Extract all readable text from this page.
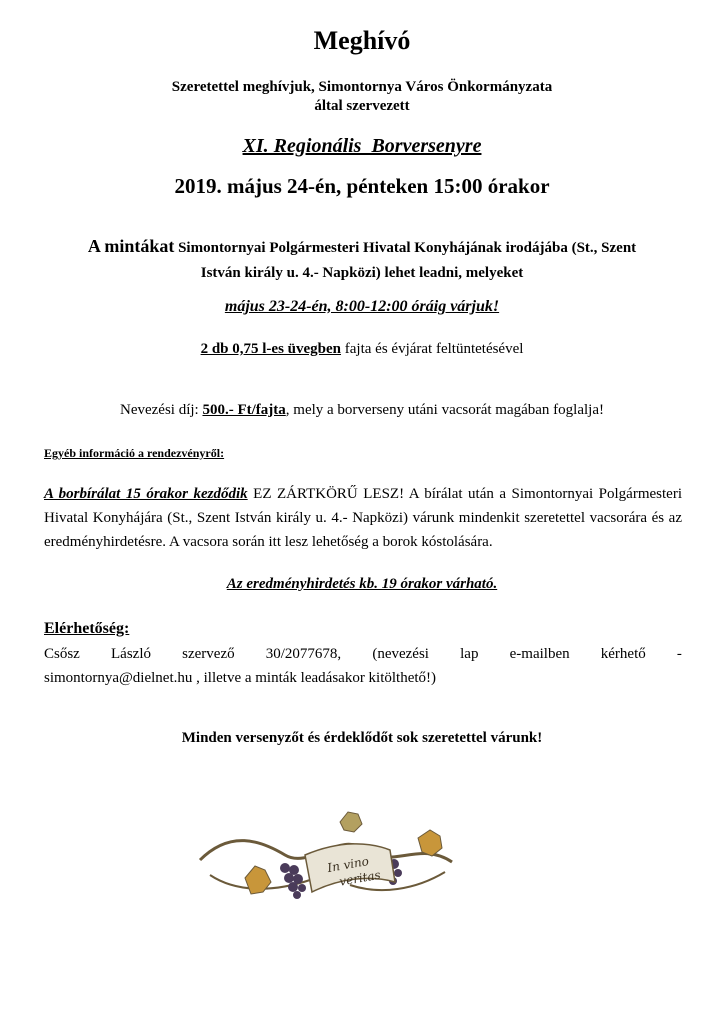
Meghívó
Szeretettel meghívjuk, Simontornya Város Önkormányzata
által szervezett
XI. Regionális  Borversenyre
2019. május 24-én, pénteken 15:00 órakor
A mintákat Simontornyai Polgármesteri Hivatal Konyhájának irodájába (St., Szent
István király u. 4.- Napközi) lehet leadni, melyeket
május 23-24-én, 8:00-12:00 óráig várjuk!
2 db 0,75 l-es üvegben fajta és évjárat feltüntetésével
Nevezési díj: 500.- Ft/fajta, mely a borverseny utáni vacsorát magában foglalja!
Egyéb információ a rendezvényről:
A borbírálat 15 órakor kezdődik EZ ZÁRTKÖRŰ LESZ! A bírálat után a Simontornyai Polgármesteri Hivatal Konyhájára (St., Szent István király u. 4.- Napközi) várunk mindenkit szeretettel vacsorára és az eredményhirdetésre. A vacsora során itt lesz lehetőség a borok kóstolására.
Az eredményhirdetés kb. 19 órakor várható.
Elérhetőség:
Csősz László szervező 30/2077678, (nevezési lap e-mailben kérhető -
simontornya@dielnet.hu , illetve a minták leadásakor kitölthető!)
Minden versenyzőt és érdeklődőt sok szeretettel várunk!
In vino
veritas
